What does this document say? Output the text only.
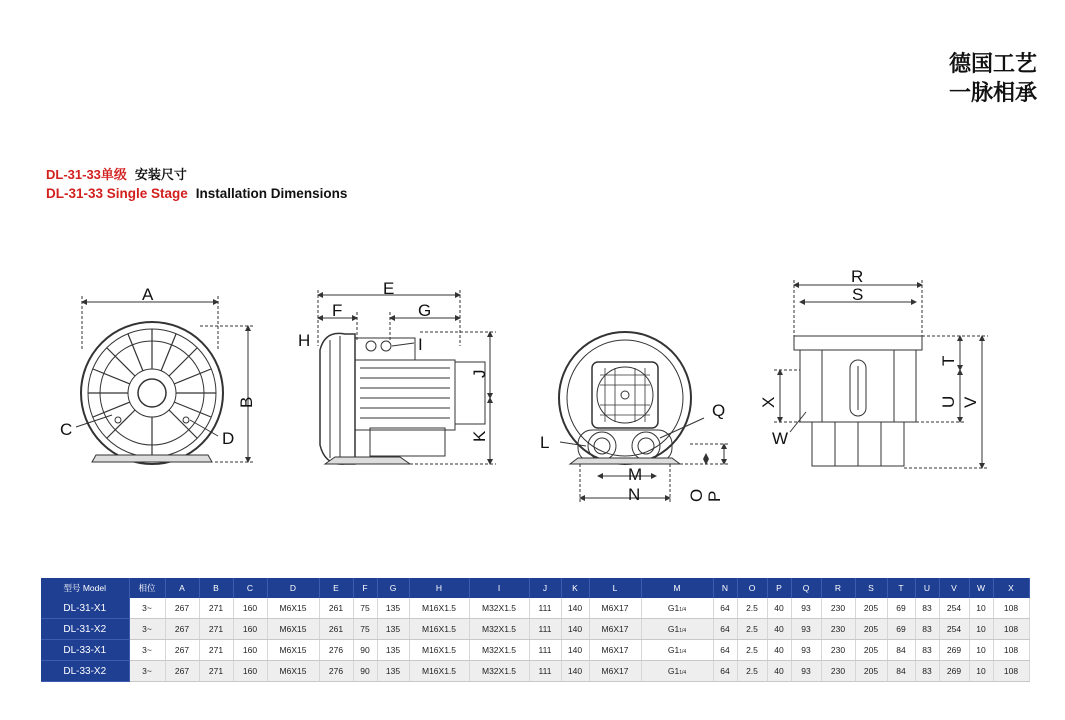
德国工艺
一脉相承
DL-31-33单级 安装尺寸
DL-31-33 Single Stage Installation Dimensions
A
B
C	D
E
F	G
H	I
J
K	L
M
N	O P
Q
R
S
T
U V
W
X
型号 Model	相位	A	B	C	D	E	F	G	H	I	J	K	L	M	N	O	P	Q	R	S	T	U	V	W	X
DL-31-X1	3~	267	271	160	M6X15	261	75	135	M16X1.5	M32X1.5	111	140	M6X17	G11/4	64	2.5	40	93	230	205	69	83	254	10	108
DL-31-X2	3~	267	271	160	M6X15	261	75	135	M16X1.5	M32X1.5	111	140	M6X17	G11/4	64	2.5	40	93	230	205	69	83	254	10	108
DL-33-X1	3~	267	271	160	M6X15	276	90	135	M16X1.5	M32X1.5	111	140	M6X17	G11/4	64	2.5	40	93	230	205	84	83	269	10	108
DL-33-X2	3~	267	271	160	M6X15	276	90	135	M16X1.5	M32X1.5	111	140	M6X17	G11/4	64	2.5	40	93	230	205	84	83	269	10	108
